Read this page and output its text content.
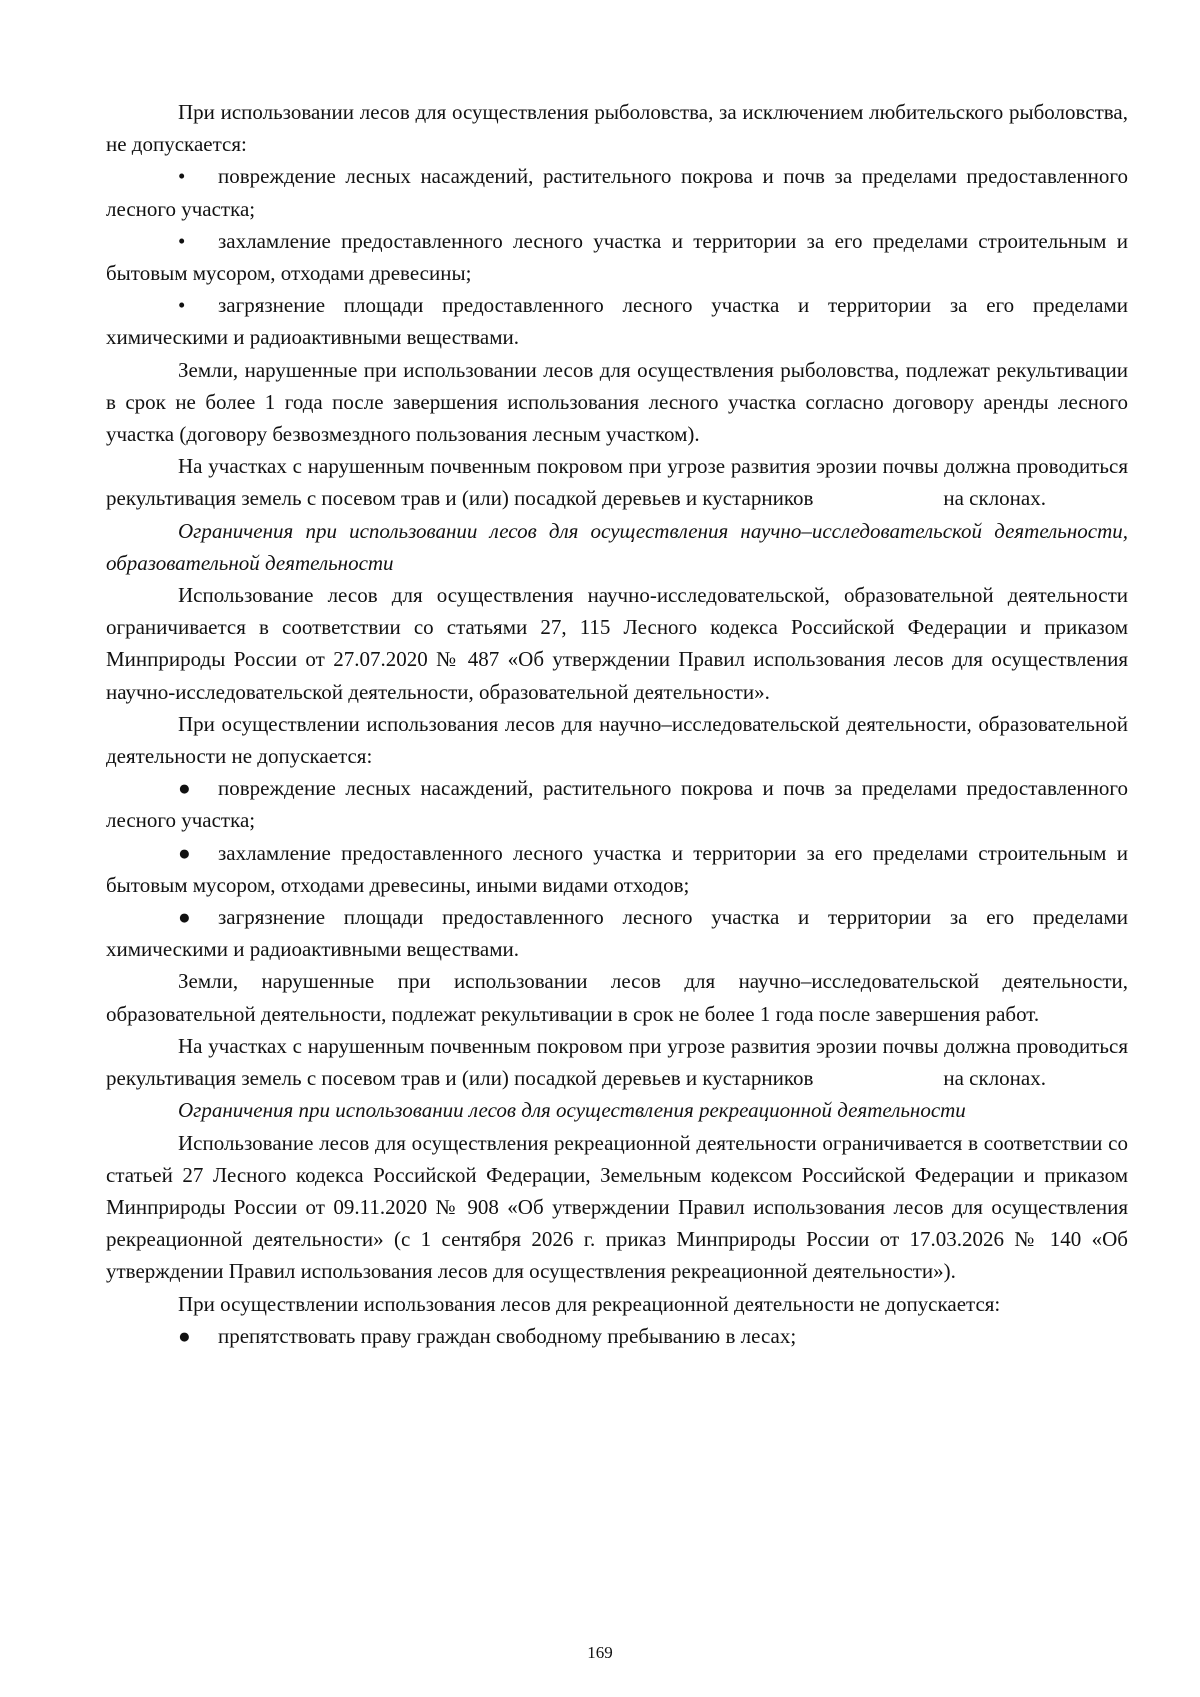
При использовании лесов для осуществления рыболовства, за исключением любительского рыболовства, не допускается:

• повреждение лесных насаждений, растительного покрова и почв за пределами предоставленного лесного участка;

• захламление предоставленного лесного участка и территории за его пределами строительным и бытовым мусором, отходами древесины;

• загрязнение площади предоставленного лесного участка и территории за его пределами химическими и радиоактивными веществами.

Земли, нарушенные при использовании лесов для осуществления рыболовства, подлежат рекультивации в срок не более 1 года после завершения использования лесного участка согласно договору аренды лесного участка (договору безвозмездного пользования лесным участком).

На участках с нарушенным почвенным покровом при угрозе развития эрозии почвы должна проводиться рекультивация земель с посевом трав и (или) посадкой деревьев и кустарников	на склонах.

Ограничения при использовании лесов для осуществления научно–исследовательской деятельности, образовательной деятельности

Использование лесов для осуществления научно-исследовательской, образовательной деятельности ограничивается в соответствии со статьями 27, 115 Лесного кодекса Российской Федерации и приказом Минприроды России от 27.07.2020 № 487 «Об утверждении Правил использования лесов для осуществления научно-исследовательской деятельности, образовательной деятельности».

При осуществлении использования лесов для научно–исследовательской деятельности, образовательной деятельности не допускается:

● повреждение лесных насаждений, растительного покрова и почв за пределами предоставленного лесного участка;

● захламление предоставленного лесного участка и территории за его пределами строительным и бытовым мусором, отходами древесины, иными видами отходов;

● загрязнение площади предоставленного лесного участка и территории за его пределами химическими и радиоактивными веществами.

Земли, нарушенные при использовании лесов для научно–исследовательской деятельности, образовательной деятельности, подлежат рекультивации в срок не более 1 года после завершения работ.

На участках с нарушенным почвенным покровом при угрозе развития эрозии почвы должна проводиться рекультивация земель с посевом трав и (или) посадкой деревьев и кустарников	на склонах.

Ограничения при использовании лесов для осуществления рекреационной деятельности

Использование лесов для осуществления рекреационной деятельности ограничивается в соответствии со статьей 27 Лесного кодекса Российской Федерации, Земельным кодексом Российской Федерации и приказом Минприроды России от 09.11.2020 № 908 «Об утверждении Правил использования лесов для осуществления рекреационной деятельности» (с 1 сентября 2026 г. приказ Минприроды России от 17.03.2026 № 140 «Об утверждении Правил использования лесов для осуществления рекреационной деятельности»).

При осуществлении использования лесов для рекреационной деятельности не допускается:

● препятствовать праву граждан свободному пребыванию в лесах;

169
